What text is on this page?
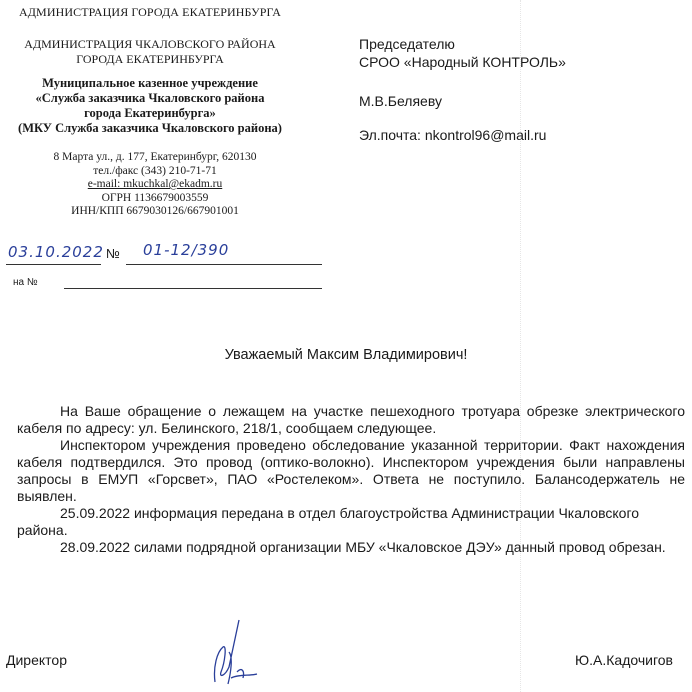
АДМИНИСТРАЦИЯ ГОРОДА ЕКАТЕРИНБУРГА
АДМИНИСТРАЦИЯ ЧКАЛОВСКОГО РАЙОНА
ГОРОДА ЕКАТЕРИНБУРГА
Муниципальное казенное учреждение
«Служба заказчика Чкаловского района
города Екатеринбурга»
(МКУ Служба заказчика Чкаловского района)
8 Марта ул., д. 177, Екатеринбург, 620130
тел./факс (343) 210-71-71
e-mail: mkuchkal@ekadm.ru
ОГРН 1136679003559
ИНН/КПП 6679030126/667901001
Председателю
СРОО «Народный КОНТРОЛЬ»
М.В.Беляеву
Эл.почта: nkontrol96@mail.ru
03.10.2022 № 01-12/390
на №
Уважаемый Максим Владимирович!

На Ваше обращение о лежащем на участке пешеходного тротуара обрезке электрического кабеля по адресу: ул. Белинского, 218/1, сообщаем следующее.

Инспектором учреждения проведено обследование указанной территории. Факт нахождения кабеля подтвердился. Это провод (оптико-волокно). Инспектором учреждения были направлены запросы в ЕМУП «Горсвет», ПАО «Ростелеком». Ответа не поступило. Балансодержатель не выявлен.

25.09.2022 информация передана в отдел благоустройства Администрации Чкаловского района.

28.09.2022 силами подрядной организации МБУ «Чкаловское ДЭУ» данный провод обрезан.

Директор	Ю.А.Кадочигов
